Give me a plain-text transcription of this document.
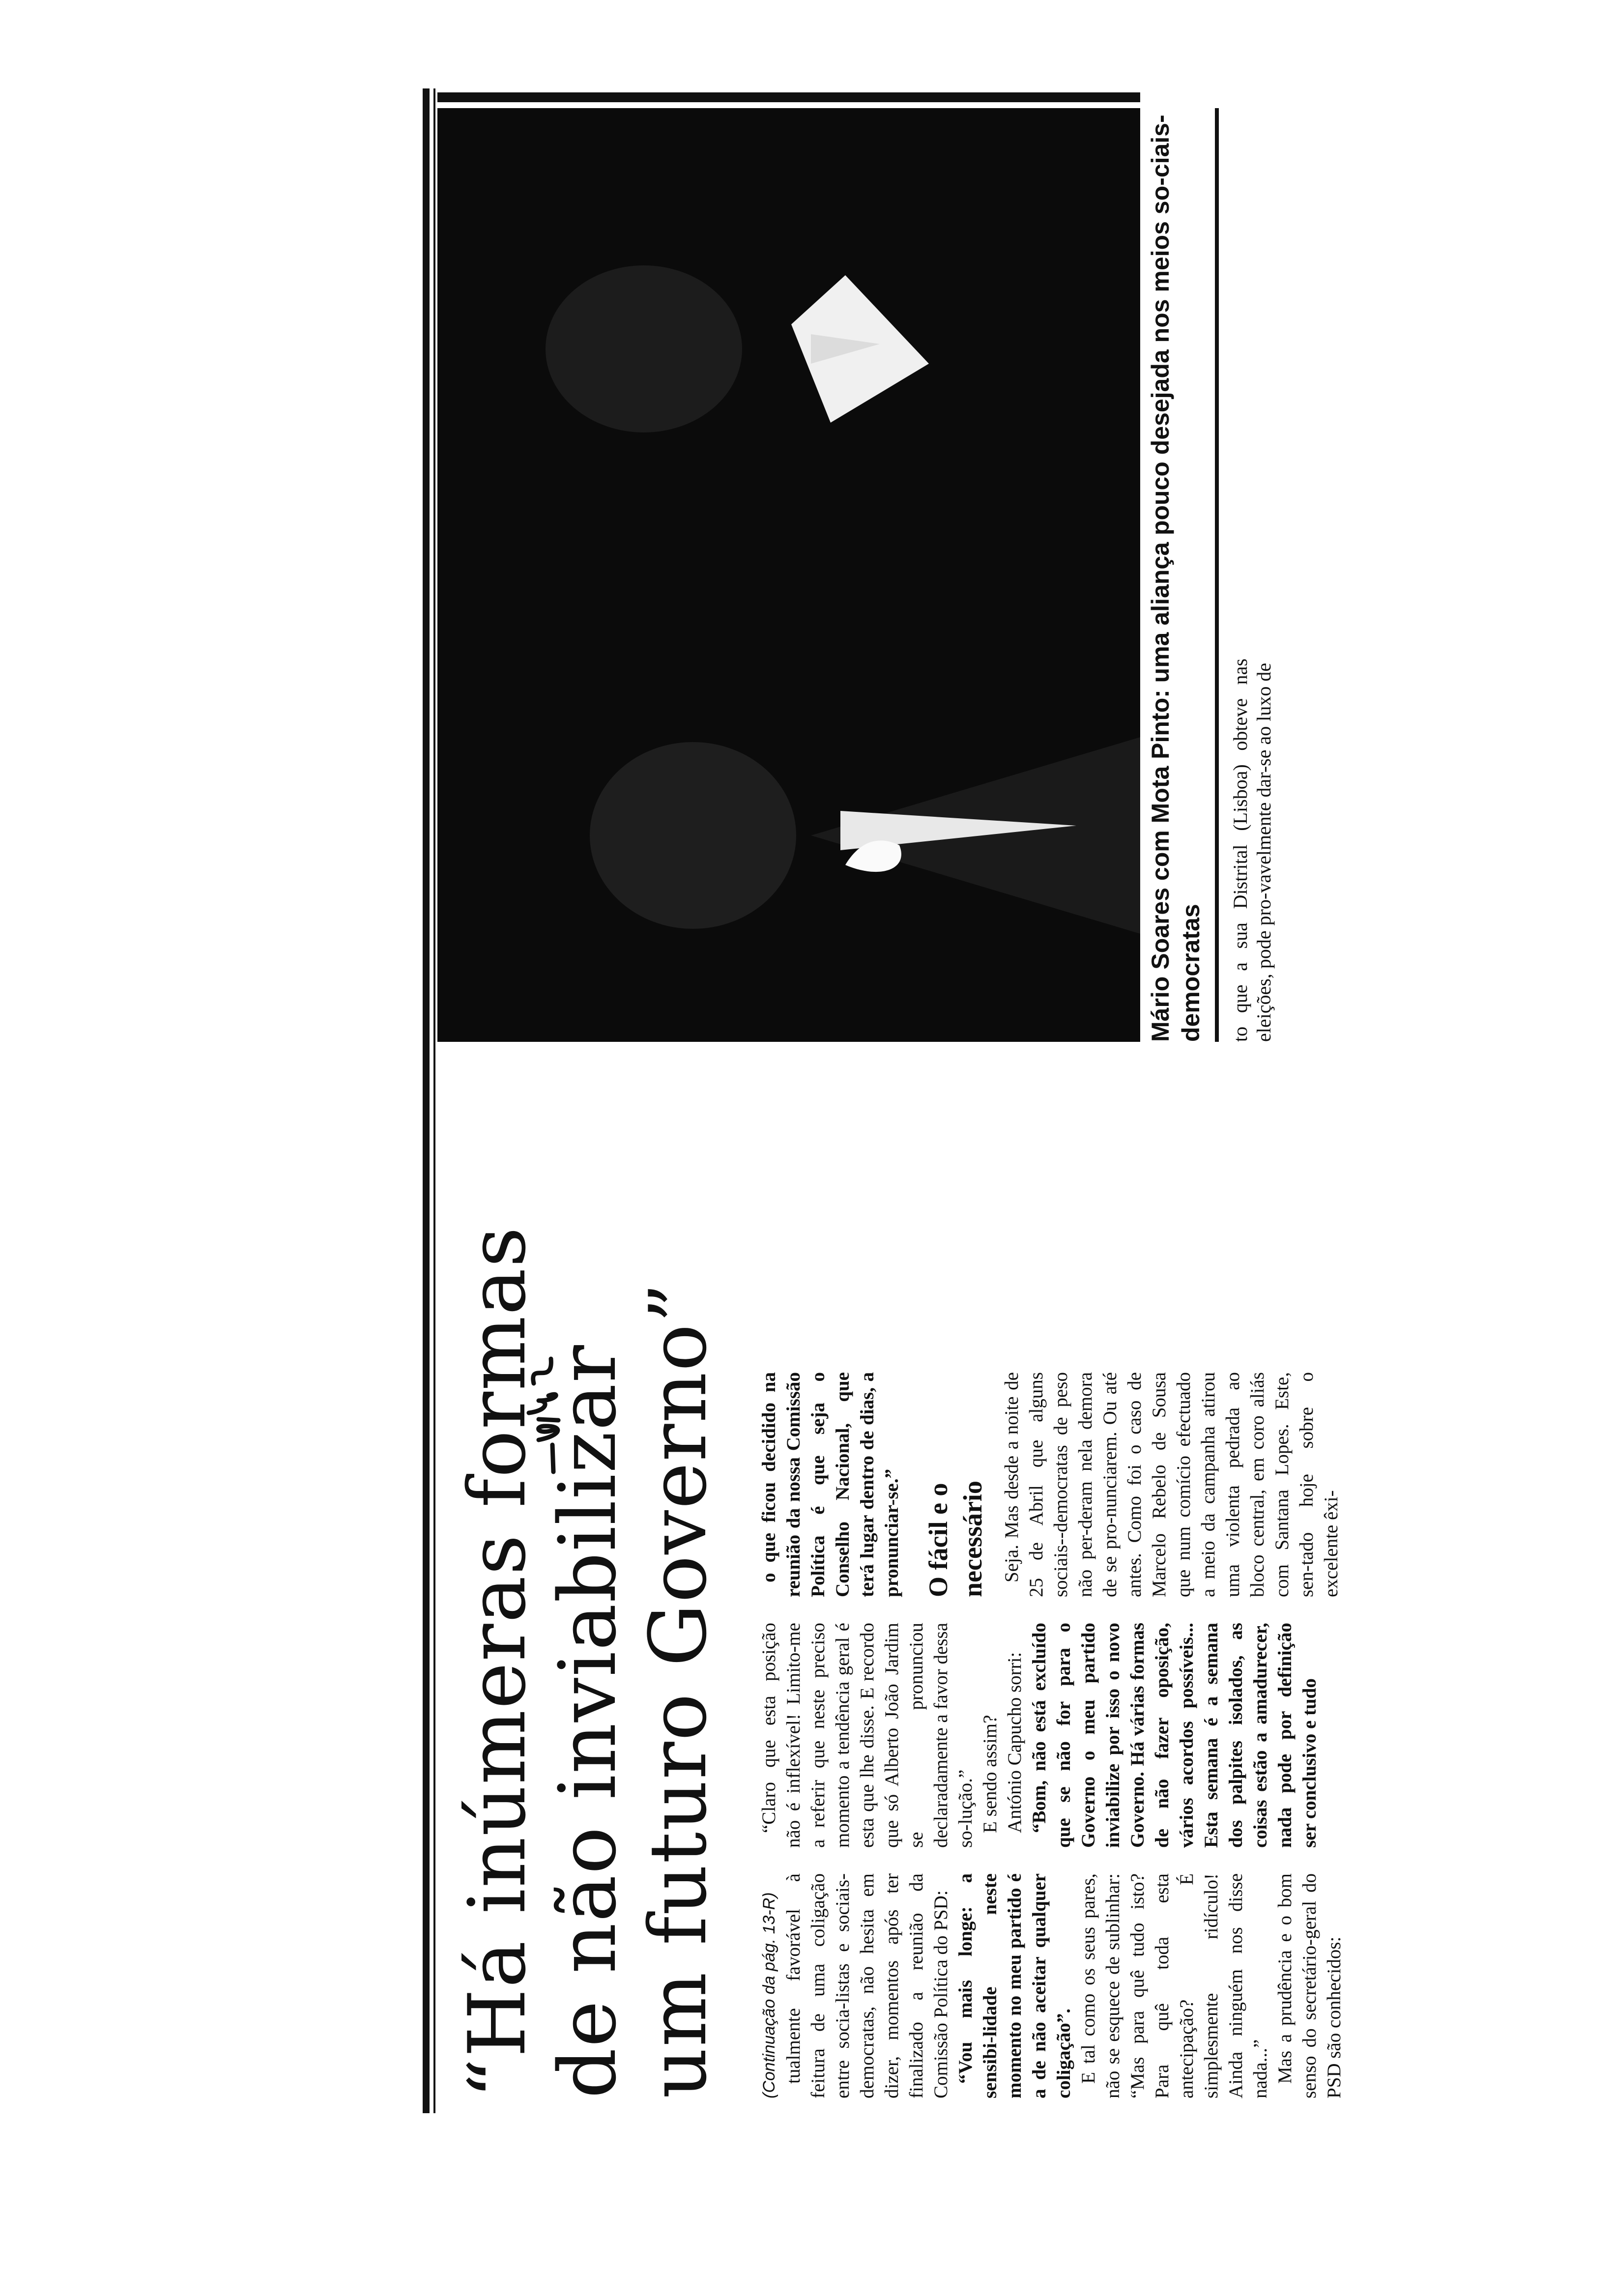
“Há inúmeras formas
de não inviabilizar
um futuro Governo” (Continuação da pág. 13-R) tualmente favorável à feitura de uma coligação entre socia-listas e sociais-democratas, não hesita em dizer, momentos após ter finalizado a reunião da Comissão Política do PSD: “Vou mais longe: a sensibi-lidade neste momento no meu partido é a de não aceitar qualquer coligação”. E tal como os seus pares, não se esquece de sublinhar: “Mas para quê tudo isto? Para quê toda esta antecipação? É simplesmente ridículo! Ainda ninguém nos disse nada...” Mas a prudência e o bom senso do secretário-geral do PSD são conhecidos:

“Claro que esta posição não é inflexível! Limito-me a referir que neste preciso momento a tendência geral é esta que lhe disse. E recordo que só Alberto João Jardim se pronunciou declaradamente a favor dessa so-lução.” E sendo assim? António Capucho sorri: “Bom, não está excluído que se não for para o Governo o meu partido inviabilize por isso o novo Governo. Há várias formas de não fazer oposição, vários acordos possíveis... Esta semana é a semana dos palpites isolados, as coisas estão a amadurecer, nada pode por definição ser conclusivo e tudo

o que ficou decidido na reunião da nossa Comissão Política é que seja o Conselho Nacional, que terá lugar dentro de dias, a pronunciar-se.” O fácil e o necessário Seja. Mas desde a noite de 25 de Abril que alguns sociais--democratas de peso não per-deram nela demora de se pro-nunciarem. Ou até antes. Como foi o caso de Marcelo Rebelo de Sousa que num comício efectuado a meio da campanha atirou uma violenta pedrada ao bloco central, em coro aliás com Santana Lopes. Este, sen-tado hoje sobre o excelente êxi-

Mário Soares com Mota Pinto: uma aliança pouco desejada nos meios so-ciais-democratas to que a sua Distrital (Lisboa) obteve nas eleições, pode pro-vavelmente dar-se ao luxo de
